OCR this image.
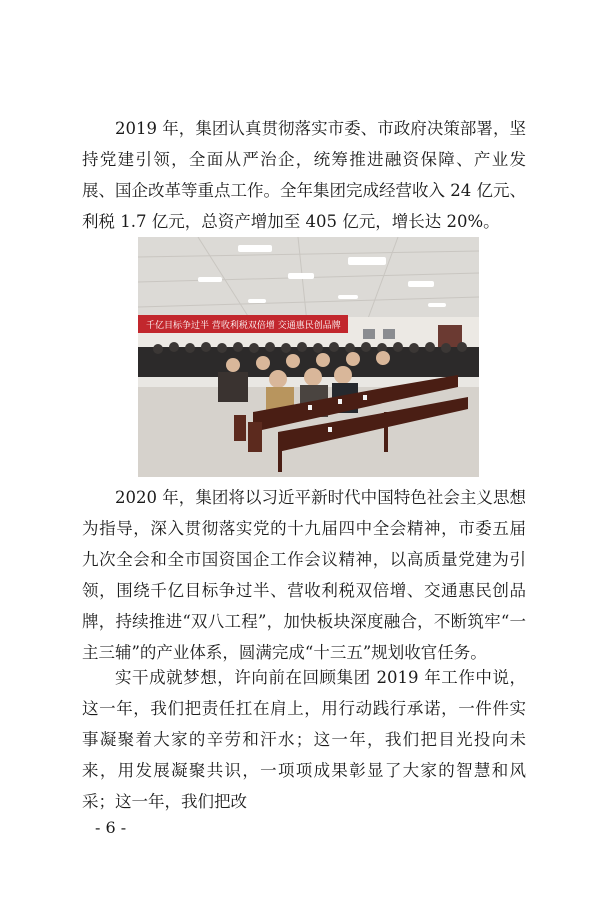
2019 年，集团认真贯彻落实市委、市政府决策部署，坚持党建引领，全面从严治企，统筹推进融资保障、产业发展、国企改革等重点工作。全年集团完成经营收入 24 亿元、利税 1.7 亿元，总资产增加至 405 亿元，增长达 20%。

千亿目标争过半 营收利税双倍增 交通惠民创品牌

2020 年，集团将以习近平新时代中国特色社会主义思想为指导，深入贯彻落实党的十九届四中全会精神，市委五届九次全会和全市国资国企工作会议精神，以高质量党建为引领，围绕千亿目标争过半、营收利税双倍增、交通惠民创品牌，持续推进“双八工程”，加快板块深度融合，不断筑牢“一主三辅”的产业体系，圆满完成“十三五”规划收官任务。

实干成就梦想，许向前在回顾集团 2019 年工作中说，这一年，我们把责任扛在肩上，用行动践行承诺，一件件实事凝聚着大家的辛劳和汗水；这一年，我们把目光投向未来，用发展凝聚共识，一项项成果彰显了大家的智慧和风采；这一年，我们把改

- 6 -
